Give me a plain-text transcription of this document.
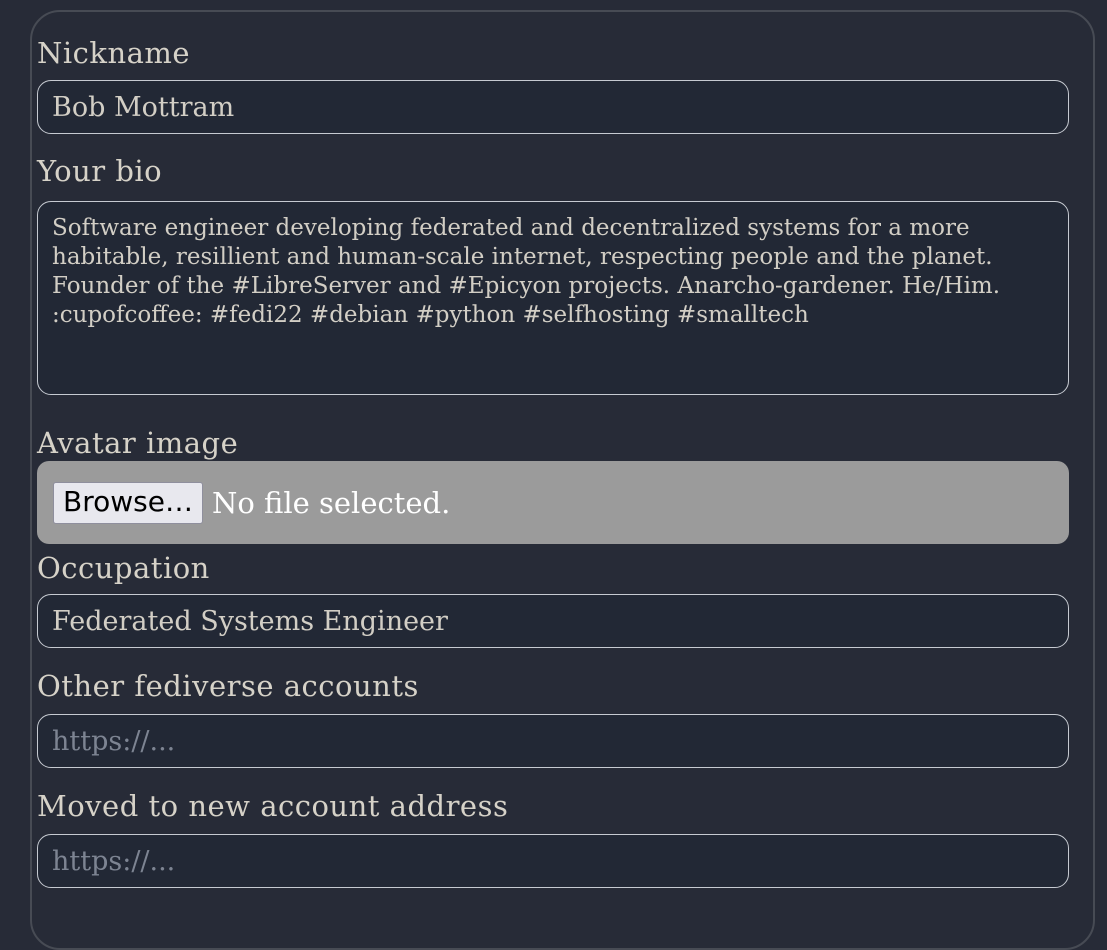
Nickname
Bob Mottram
Your bio
Software engineer developing federated and decentralized systems for a more habitable, resillient and human-scale internet, respecting people and the planet. Founder of the #LibreServer and #Epicyon projects. Anarcho-gardener. He/Him. :cupofcoffee: #fedi22 #debian #python #selfhosting #smalltech
Avatar image
Browse… No file selected.
Occupation
Federated Systems Engineer
Other fediverse accounts
https://...
Moved to new account address
https://...
